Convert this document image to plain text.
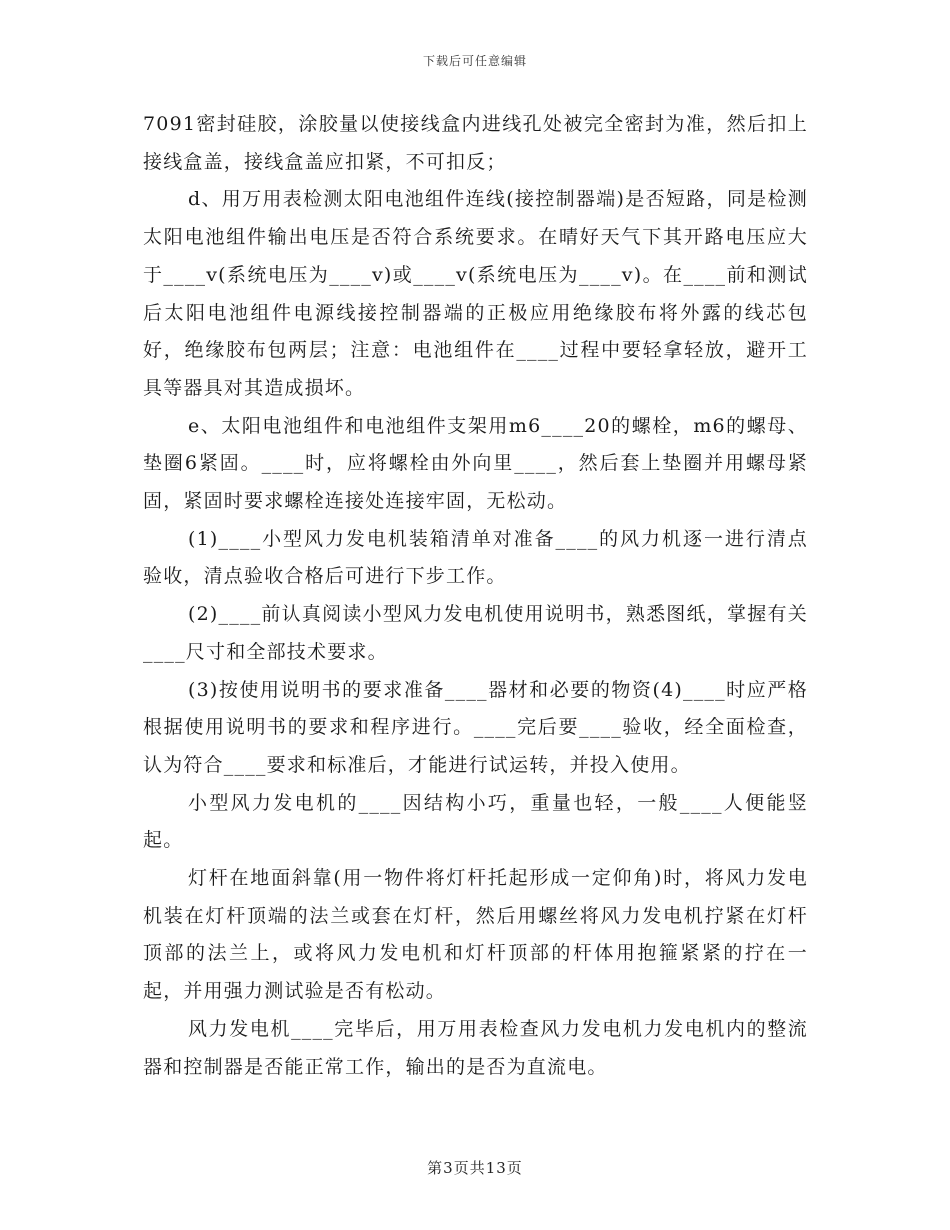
下载后可任意编辑

7091密封硅胶，涂胶量以使接线盒内进线孔处被完全密封为准，然后扣上接线盒盖，接线盒盖应扣紧，不可扣反；

d、用万用表检测太阳电池组件连线(接控制器端)是否短路，同是检测太阳电池组件输出电压是否符合系统要求。在晴好天气下其开路电压应大于____v(系统电压为____v)或____v(系统电压为____v)。在____前和测试后太阳电池组件电源线接控制器端的正极应用绝缘胶布将外露的线芯包好，绝缘胶布包两层；注意：电池组件在____过程中要轻拿轻放，避开工具等器具对其造成损坏。

e、太阳电池组件和电池组件支架用m6____20的螺栓，m6的螺母、垫圈6紧固。____时，应将螺栓由外向里____，然后套上垫圈并用螺母紧固，紧固时要求螺栓连接处连接牢固，无松动。

(1)____小型风力发电机装箱清单对准备____的风力机逐一进行清点验收，清点验收合格后可进行下步工作。

(2)____前认真阅读小型风力发电机使用说明书，熟悉图纸，掌握有关____尺寸和全部技术要求。

(3)按使用说明书的要求准备____器材和必要的物资(4)____时应严格根据使用说明书的要求和程序进行。____完后要____验收，经全面检查，认为符合____要求和标准后，才能进行试运转，并投入使用。

小型风力发电机的____因结构小巧，重量也轻，一般____人便能竖起。

灯杆在地面斜靠(用一物件将灯杆托起形成一定仰角)时，将风力发电机装在灯杆顶端的法兰或套在灯杆，然后用螺丝将风力发电机拧紧在灯杆顶部的法兰上，或将风力发电机和灯杆顶部的杆体用抱箍紧紧的拧在一起，并用强力测试验是否有松动。

风力发电机____完毕后，用万用表检查风力发电机力发电机内的整流器和控制器是否能正常工作，输出的是否为直流电。

第3页共13页
